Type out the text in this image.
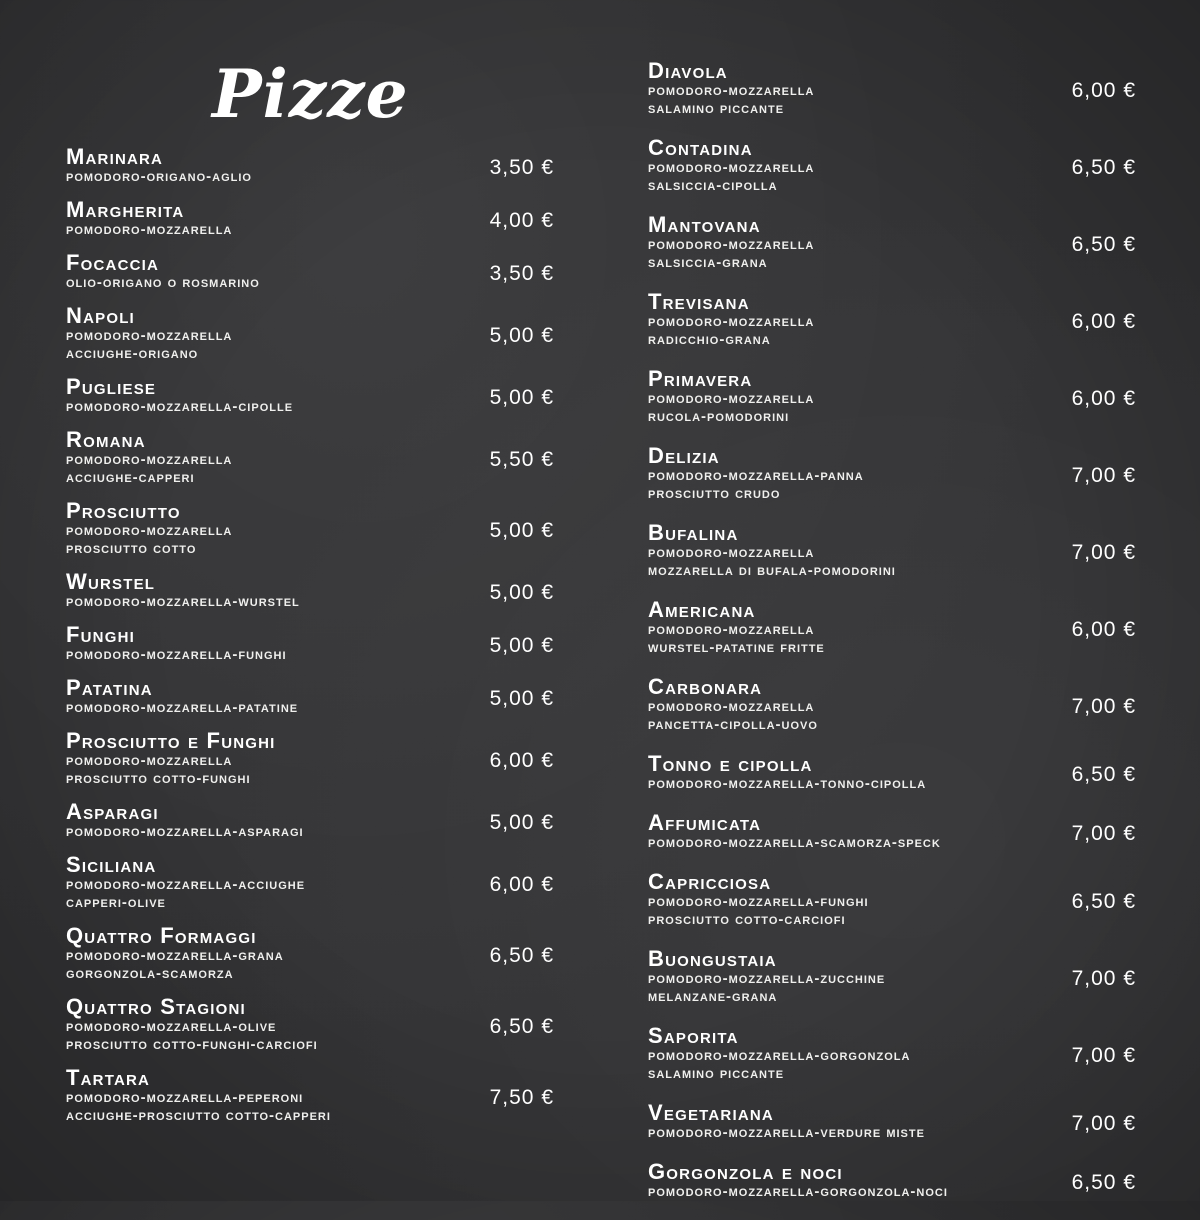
Pizze
Marinara
pomodoro-origano-aglio	3,50 €
Margherita
pomodoro-mozzarella	4,00 €
Focaccia
olio-origano o rosmarino	3,50 €
Napoli
pomodoro-mozzarella
acciughe-origano
5,00 €
Pugliese
pomodoro-mozzarella-cipolle	5,00 €
Romana
pomodoro-mozzarella
acciughe-capperi
5,50 €
Prosciutto
pomodoro-mozzarella
prosciutto cotto
5,00 €
Wurstel
pomodoro-mozzarella-wurstel	5,00 €
Funghi
pomodoro-mozzarella-funghi	5,00 €
Patatina
pomodoro-mozzarella-patatine	5,00 €
Prosciutto e Funghi
pomodoro-mozzarella
prosciutto cotto-funghi
6,00 €
Asparagi
pomodoro-mozzarella-asparagi	5,00 €
Siciliana
pomodoro-mozzarella-acciughe
capperi-olive
6,00 €
Quattro Formaggi
pomodoro-mozzarella-grana
gorgonzola-scamorza
6,50 €
Quattro Stagioni
pomodoro-mozzarella-olive
prosciutto cotto-funghi-carciofi
6,50 €
Tartara
pomodoro-mozzarella-peperoni
acciughe-prosciutto cotto-capperi
7,50 €
Diavola
pomodoro-mozzarella
salamino piccante
6,00 €
Contadina
pomodoro-mozzarella
salsiccia-cipolla
6,50 €
Mantovana
pomodoro-mozzarella
salsiccia-grana
6,50 €
Trevisana
pomodoro-mozzarella
radicchio-grana
6,00 €
Primavera
pomodoro-mozzarella
rucola-pomodorini
6,00 €
Delizia
pomodoro-mozzarella-panna
prosciutto crudo
7,00 €
Bufalina
pomodoro-mozzarella
mozzarella di bufala-pomodorini
7,00 €
Americana
pomodoro-mozzarella
wurstel-patatine fritte
6,00 €
Carbonara
pomodoro-mozzarella
pancetta-cipolla-uovo
7,00 €
Tonno e cipolla
pomodoro-mozzarella-tonno-cipolla	6,50 €
Affumicata
pomodoro-mozzarella-scamorza-speck	7,00 €
Capricciosa
pomodoro-mozzarella-funghi
prosciutto cotto-carciofi
6,50 €
Buongustaia
pomodoro-mozzarella-zucchine
melanzane-grana
7,00 €
Saporita
pomodoro-mozzarella-gorgonzola
salamino piccante
7,00 €
Vegetariana
pomodoro-mozzarella-verdure miste	7,00 €
Gorgonzola e noci
pomodoro-mozzarella-gorgonzola-noci	6,50 €
